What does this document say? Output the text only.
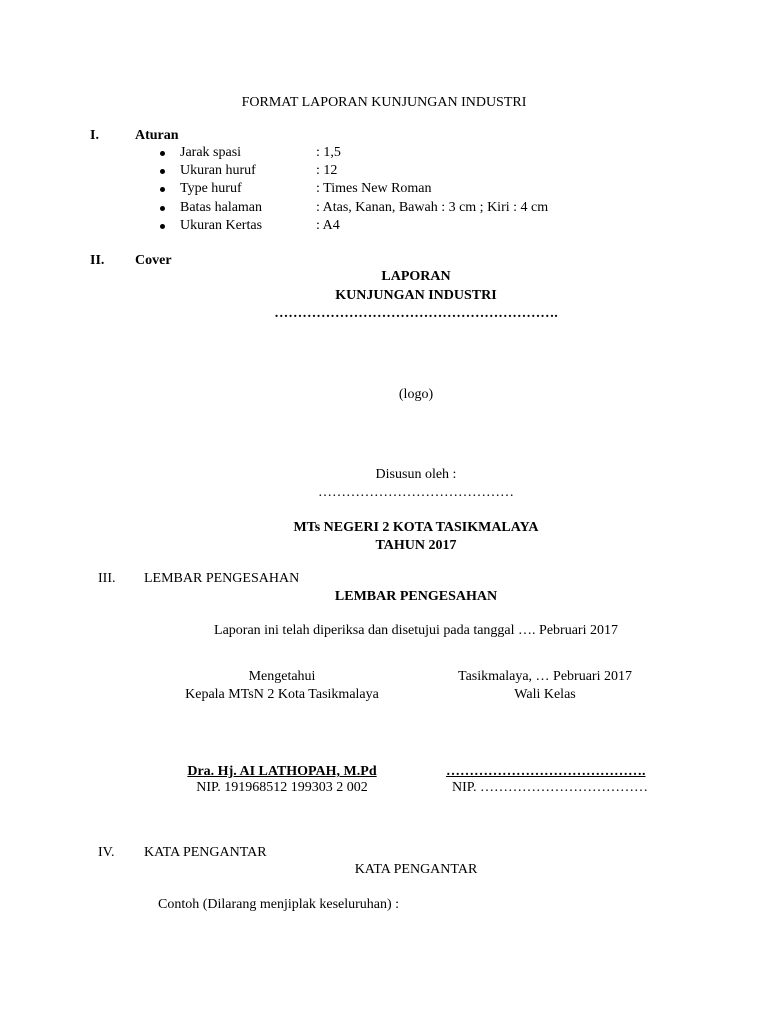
FORMAT LAPORAN KUNJUNGAN INDUSTRI
I.	Aturan
Jarak spasi	: 1,5
Ukuran huruf	: 12
Type huruf	: Times New Roman
Batas halaman	: Atas, Kanan, Bawah : 3 cm ; Kiri : 4 cm
Ukuran Kertas	: A4
II. Cover
LAPORAN
KUNJUNGAN INDUSTRI
…………………………………………………….
(logo)
Disusun oleh :
……………………………………
MTs NEGERI 2 KOTA TASIKMALAYA
TAHUN 2017
III. LEMBAR PENGESAHAN
LEMBAR PENGESAHAN
Laporan ini telah diperiksa dan disetujui pada tanggal …. Pebruari 2017
Mengetahui
Kepala MTsN 2 Kota Tasikmalaya
Tasikmalaya, … Pebruari 2017
Wali Kelas
Dra. Hj. AI LATHOPAH, M.Pd
NIP. 191968512 199303 2 002
…………………………………….
NIP. ………………………………
IV. KATA PENGANTAR
KATA PENGANTAR
Contoh (Dilarang menjiplak keseluruhan) :
